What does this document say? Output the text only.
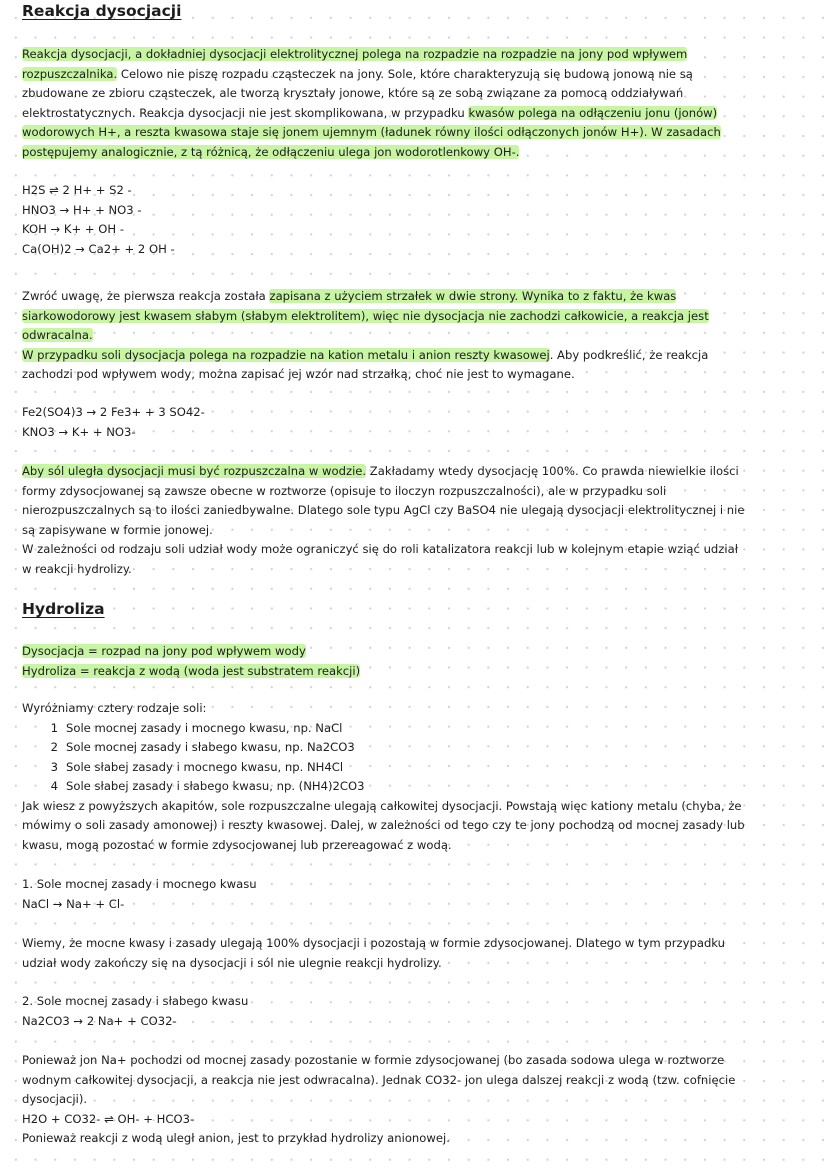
Reakcja dysocjacji
Reakcja dysocjacji, a dokładniej dysocjacji elektrolitycznej polega na rozpadzie na rozpadzie na jony pod wpływem
rozpuszczalnika. Celowo nie piszę rozpadu cząsteczek na jony. Sole, które charakteryzują się budową jonową nie są
zbudowane ze zbioru cząsteczek, ale tworzą kryształy jonowe, które są ze sobą związane za pomocą oddziaływań
elektrostatycznych. Reakcja dysocjacji nie jest skomplikowana, w przypadku kwasów polega na odłączeniu jonu (jonów)
wodorowych H+, a reszta kwasowa staje się jonem ujemnym (ładunek równy ilości odłączonych jonów H+). W zasadach
postępujemy analogicznie, z tą różnicą, że odłączeniu ulega jon wodorotlenkowy OH-.
H2S ⇌ 2 H+ + S2 -
HNO3 → H+ + NO3 -
KOH → K+ + OH -
Ca(OH)2 → Ca2+ + 2 OH -
Zwróć uwagę, że pierwsza reakcja została zapisana z użyciem strzałek w dwie strony. Wynika to z faktu, że kwas
siarkowodorowy jest kwasem słabym (słabym elektrolitem), więc nie dysocjacja nie zachodzi całkowicie, a reakcja jest
odwracalna.
W przypadku soli dysocjacja polega na rozpadzie na kation metalu i anion reszty kwasowej. Aby podkreślić, że reakcja
zachodzi pod wpływem wody, można zapisać jej wzór nad strzałką, choć nie jest to wymagane.
Fe2(SO4)3 → 2 Fe3+ + 3 SO42-
KNO3 → K+ + NO3-
Aby sól uległa dysocjacji musi być rozpuszczalna w wodzie. Zakładamy wtedy dysocjację 100%. Co prawda niewielkie ilości
formy zdysocjowanej są zawsze obecne w roztworze (opisuje to iloczyn rozpuszczalności), ale w przypadku soli
nierozpuszczalnych są to ilości zaniedbywalne. Dlatego sole typu AgCl czy BaSO4 nie ulegają dysocjacji elektrolitycznej i nie
są zapisywane w formie jonowej.
W zależności od rodzaju soli udział wody może ograniczyć się do roli katalizatora reakcji lub w kolejnym etapie wziąć udział
w reakcji hydrolizy.
Hydroliza
Dysocjacja = rozpad na jony pod wpływem wody
Hydroliza = reakcja z wodą (woda jest substratem reakcji)
Wyróżniamy cztery rodzaje soli:
1 Sole mocnej zasady i mocnego kwasu, np. NaCl
2 Sole mocnej zasady i słabego kwasu, np. Na2CO3
3 Sole słabej zasady i mocnego kwasu, np. NH4Cl
4 Sole słabej zasady i słabego kwasu, np. (NH4)2CO3
Jak wiesz z powyższych akapitów, sole rozpuszczalne ulegają całkowitej dysocjacji. Powstają więc kationy metalu (chyba, że
mówimy o soli zasady amonowej) i reszty kwasowej. Dalej, w zależności od tego czy te jony pochodzą od mocnej zasady lub
kwasu, mogą pozostać w formie zdysocjowanej lub przereagować z wodą.
1. Sole mocnej zasady i mocnego kwasu
NaCl → Na+ + Cl-
Wiemy, że mocne kwasy i zasady ulegają 100% dysocjacji i pozostają w formie zdysocjowanej. Dlatego w tym przypadku
udział wody zakończy się na dysocjacji i sól nie ulegnie reakcji hydrolizy.
2. Sole mocnej zasady i słabego kwasu
Na2CO3 → 2 Na+ + CO32-
Ponieważ jon Na+ pochodzi od mocnej zasady pozostanie w formie zdysocjowanej (bo zasada sodowa ulega w roztworze
wodnym całkowitej dysocjacji, a reakcja nie jest odwracalna). Jednak CO32- jon ulega dalszej reakcji z wodą (tzw. cofnięcie
dysocjacji).
H2O + CO32- ⇌ OH- + HCO3-
Ponieważ reakcji z wodą uległ anion, jest to przykład hydrolizy anionowej.
